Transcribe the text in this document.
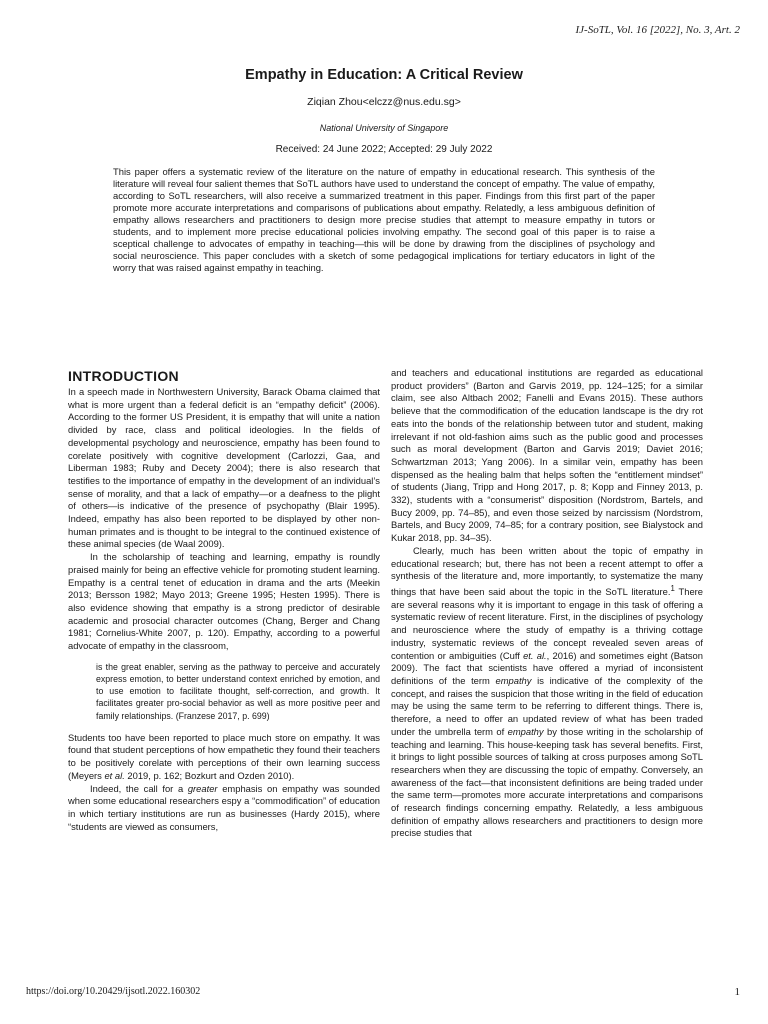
IJ-SoTL, Vol. 16 [2022], No. 3, Art. 2
Empathy in Education: A Critical Review
Ziqian Zhou<elczz@nus.edu.sg>
National University of Singapore
Received: 24 June 2022; Accepted: 29 July 2022

This paper offers a systematic review of the literature on the nature of empathy in educational research. This synthesis of the literature will reveal four salient themes that SoTL authors have used to understand the concept of empathy. The value of empathy, according to SoTL researchers, will also receive a summarized treatment in this paper. Findings from this first part of the paper promote more accurate interpretations and comparisons of publications about empathy. Relatedly, a less ambiguous definition of empathy allows researchers and practitioners to design more precise studies that attempt to measure empathy in tutors or students, and to implement more precise educational policies involving empathy. The second goal of this paper is to raise a sceptical challenge to advocates of empathy in teaching—this will be done by drawing from the disciplines of psychology and social neuroscience. This paper concludes with a sketch of some pedagogical implications for tertiary educators in light of the worry that was raised against empathy in teaching.

INTRODUCTION

In a speech made in Northwestern University, Barack Obama claimed that what is more urgent than a federal deficit is an “empathy deficit” (2006). According to the former US President, it is empathy that will unite a nation divided by race, class and political ideologies. In the fields of developmental psychology and neuroscience, empathy has been found to corelate positively with cognitive development (Carlozzi, Gaa, and Liberman 1983; Ruby and Decety 2004); there is also research that testifies to the importance of empathy in the development of an individual’s sense of morality, and that a lack of empathy—or a deafness to the plight of others—is indicative of the presence of psychopathy (Blair 1995). Indeed, empathy has also been reported to be displayed by other non-human primates and is thought to be integral to the continued existence of these animal species (de Waal 2009).

In the scholarship of teaching and learning, empathy is roundly praised mainly for being an effective vehicle for promoting student learning. Empathy is a central tenet of education in drama and the arts (Meekin 2013; Bersson 1982; Mayo 2013; Greene 1995; Hesten 1995). There is also evidence showing that empathy is a strong predictor of desirable academic and prosocial character outcomes (Chang, Berger and Chang 1981; Cornelius-White 2007, p. 120). Empathy, according to a powerful advocate of empathy in the classroom,

is the great enabler, serving as the pathway to perceive and accurately express emotion, to better understand context enriched by emotion, and to use emotion to facilitate thought, self-correction, and growth. It facilitates greater pro-social behavior as well as more positive peer and family relationships. (Franzese 2017, p. 699)

Students too have been reported to place much store on empathy. It was found that student perceptions of how empathetic they found their teachers to be positively corelate with perceptions of their own learning success (Meyers et al. 2019, p. 162; Bozkurt and Ozden 2010).

Indeed, the call for a greater emphasis on empathy was sounded when some educational researchers espy a “commodification” of education in which tertiary institutions are run as businesses (Hardy 2015), where “students are viewed as consumers,

and teachers and educational institutions are regarded as educational product providers” (Barton and Garvis 2019, pp. 124–125; for a similar claim, see also Altbach 2002; Fanelli and Evans 2015). These authors believe that the commodification of the education landscape is the dry rot eats into the bonds of the relationship between tutor and student, making irrelevant if not old-fashion aims such as the public good and processes such as moral development (Barton and Garvis 2019; Daviet 2016; Schwartzman 2013; Yang 2006). In a similar vein, empathy has been dispensed as the healing balm that helps soften the “entitlement mindset” of students (Jiang, Tripp and Hong 2017, p. 8; Kopp and Finney 2013, p. 332), students with a “consumerist” disposition (Nordstrom, Bartels, and Bucy 2009, pp. 74–85), and even those seized by narcissism (Nordstrom, Bartels, and Bucy 2009, 74–85; for a contrary position, see Bialystock and Kukar 2018, pp. 34–35).

Clearly, much has been written about the topic of empathy in educational research; but, there has not been a recent attempt to offer a synthesis of the literature and, more importantly, to systematize the many things that have been said about the topic in the SoTL literature.$^1$ There are several reasons why it is important to engage in this task of offering a systematic review of recent literature. First, in the disciplines of psychology and neuroscience where the study of empathy is a thriving cottage industry, systematic reviews of the concept revealed seven areas of contention or ambiguities (Cuff et. al., 2016) and sometimes eight (Batson 2009). The fact that scientists have offered a myriad of inconsistent definitions of the term empathy is indicative of the complexity of the concept, and raises the suspicion that those writing in the field of education may be using the same term to be referring to different things. There is, therefore, a need to offer an updated review of what has been traded under the umbrella term of empathy by those writing in the scholarship of teaching and learning. This house-keeping task has several benefits. First, it brings to light possible sources of talking at cross purposes among SoTL researchers when they are discussing the topic of empathy. Conversely, an awareness of the fact—that inconsistent definitions are being traded under the same term—promotes more accurate interpretations and comparisons of research findings concerning empathy. Relatedly, a less ambiguous definition of empathy allows researchers and practitioners to design more precise studies that

https://doi.org/10.20429/ijsotl.2022.160302	1
